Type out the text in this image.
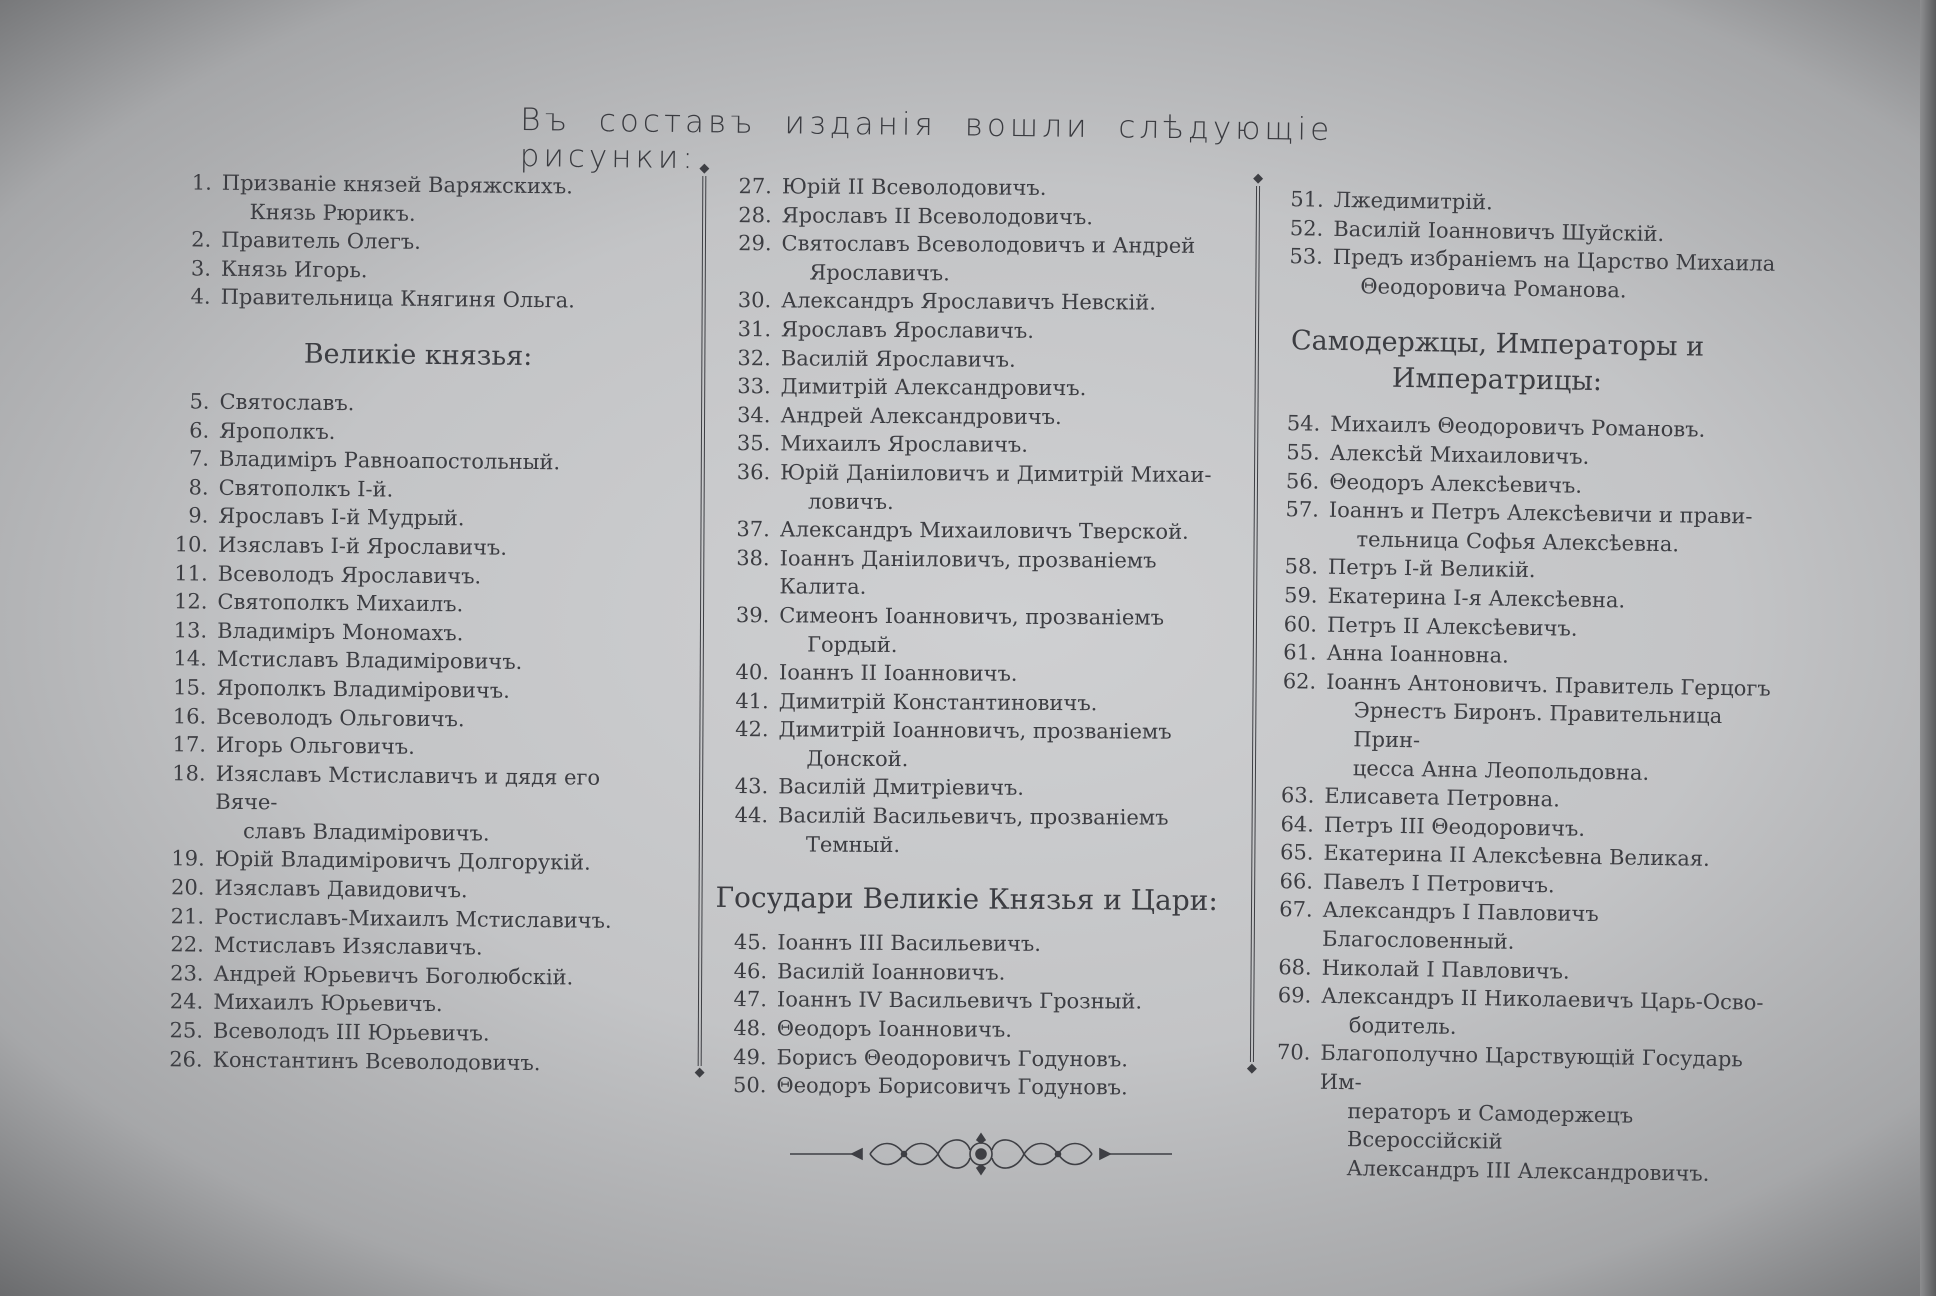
Въ составъ изданія вошли слѣдующіе рисунки:
1. Призваніе князей Варяжскихъ.

Князь Рюрикъ.
2. Правитель Олегъ.
3. Князь Игорь.
4. Правительница Княгиня Ольга.
Великіе князья:
5. Святославъ.
6. Ярополкъ.
7. Владиміръ Равноапостольный.
8. Святополкъ I-й.
9. Ярославъ I-й Мудрый.
10. Изяславъ I-й Ярославичъ.
11. Всеволодъ Ярославичъ.
12. Святополкъ Михаилъ.
13. Владиміръ Мономахъ.
14. Мстиславъ Владиміровичъ.
15. Ярополкъ Владиміровичъ.
16. Всеволодъ Ольговичъ.
17. Игорь Ольговичъ.
18. Изяславъ Мстиславичъ и дядя его Вяче-

славъ Владиміровичъ.
19. Юрій Владиміровичъ Долгорукій.
20. Изяславъ Давидовичъ.
21. Ростиславъ-Михаилъ Мстиславичъ.
22. Мстиславъ Изяславичъ.
23. Андрей Юрьевичъ Боголюбскій.
24. Михаилъ Юрьевичъ.
25. Всеволодъ III Юрьевичъ.
26. Константинъ Всеволодовичъ.
◆
◆
27. Юрій II Всеволодовичъ.
28. Ярославъ II Всеволодовичъ.
29. Святославъ Всеволодовичъ и Андрей

Ярославичъ.
30. Александръ Ярославичъ Невскій.
31. Ярославъ Ярославичъ.
32. Василій Ярославичъ.
33. Димитрій Александровичъ.
34. Андрей Александровичъ.
35. Михаилъ Ярославичъ.
36. Юрій Даніиловичъ и Димитрій Михаи-

ловичъ.
37. Александръ Михаиловичъ Тверской.
38. Іоаннъ Даніиловичъ, прозваніемъ Калита.
39. Симеонъ Іоанновичъ, прозваніемъ

Гордый.
40. Іоаннъ II Іоанновичъ.
41. Димитрій Константиновичъ.
42. Димитрій Іоанновичъ, прозваніемъ

Донской.
43. Василій Дмитріевичъ.
44. Василій Васильевичъ, прозваніемъ

Темный.
Государи Великіе Князья и Цари:
45. Іоаннъ III Васильевичъ.
46. Василій Іоанновичъ.
47. Іоаннъ IV Васильевичъ Грозный.
48. Θеодоръ Іоанновичъ.
49. Борисъ Θеодоровичъ Годуновъ.
50. Θеодоръ Борисовичъ Годуновъ.
◆
◆
51. Лжедимитрій.
52. Василій Іоанновичъ Шуйскій.
53. Предъ избраніемъ на Царство Михаила

Θеодоровича Романова.
Самодержцы, Императоры и Императрицы:
54. Михаилъ Θеодоровичъ Романовъ.
55. Алексѣй Михаиловичъ.
56. Θеодоръ Алексѣевичъ.
57. Іоаннъ и Петръ Алексѣевичи и прави-

тельница Софья Алексѣевна.
58. Петръ I-й Великій.
59. Екатерина I-я Алексѣевна.
60. Петръ II Алексѣевичъ.
61. Анна Іоанновна.
62. Іоаннъ Антоновичъ. Правитель Герцогъ

Эрнестъ Биронъ. Правительница Прин-
цесса Анна Леопольдовна.
63. Елисавета Петровна.
64. Петръ III Θеодоровичъ.
65. Екатерина II Алексѣевна Великая.
66. Павелъ I Петровичъ.
67. Александръ I Павловичъ Благословенный.
68. Николай I Павловичъ.
69. Александръ II Николаевичъ Царь-Осво-

бодитель.
70. Благополучно Царствующій Государь Им-

ператоръ и Самодержецъ Всероссійскій
Александръ III Александровичъ.
